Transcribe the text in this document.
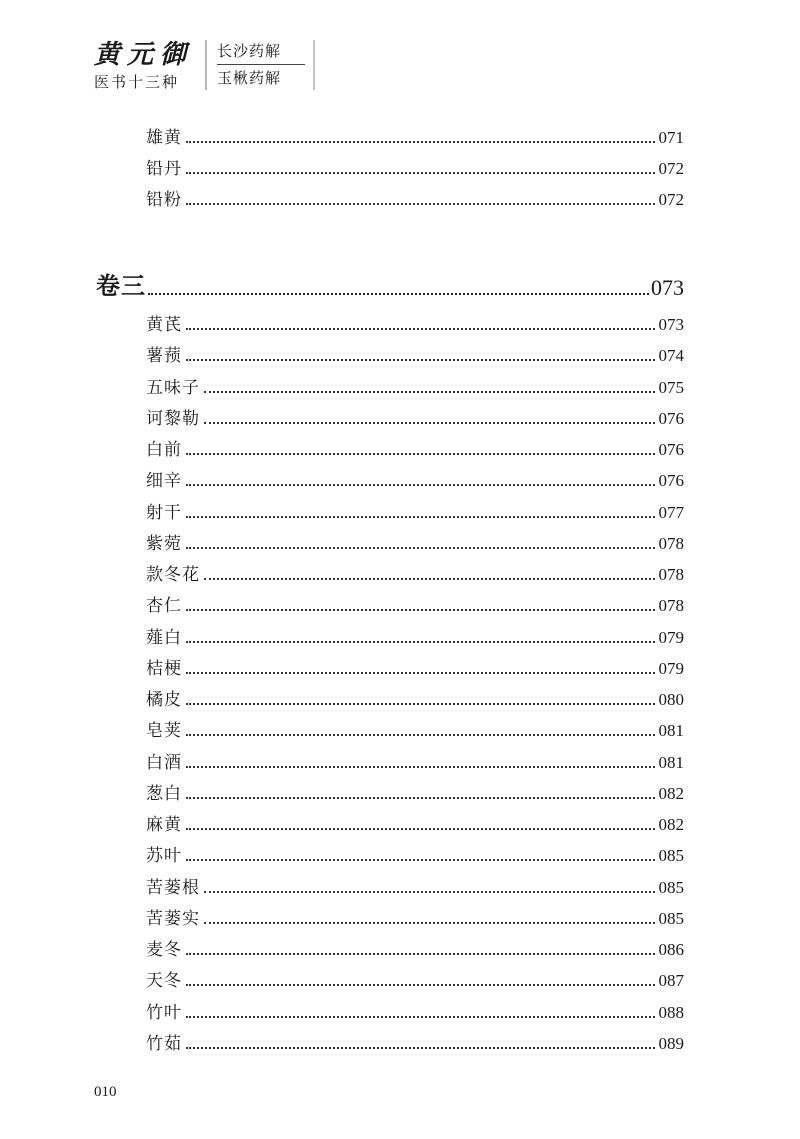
黄元御
医书十三种
长沙药解
玉楸药解
雄黄	071
铅丹	072
铅粉	072
卷三	073
黄芪	073
薯蓣	074
五味子	075
诃黎勒	076
白前	076
细辛	076
射干	077
紫菀	078
款冬花	078
杏仁	078
薤白	079
桔梗	079
橘皮	080
皂荚	081
白酒	081
葱白	082
麻黄	082
苏叶	085
苦蒌根	085
苦蒌实	085
麦冬	086
天冬	087
竹叶	088
竹茹	089
010
